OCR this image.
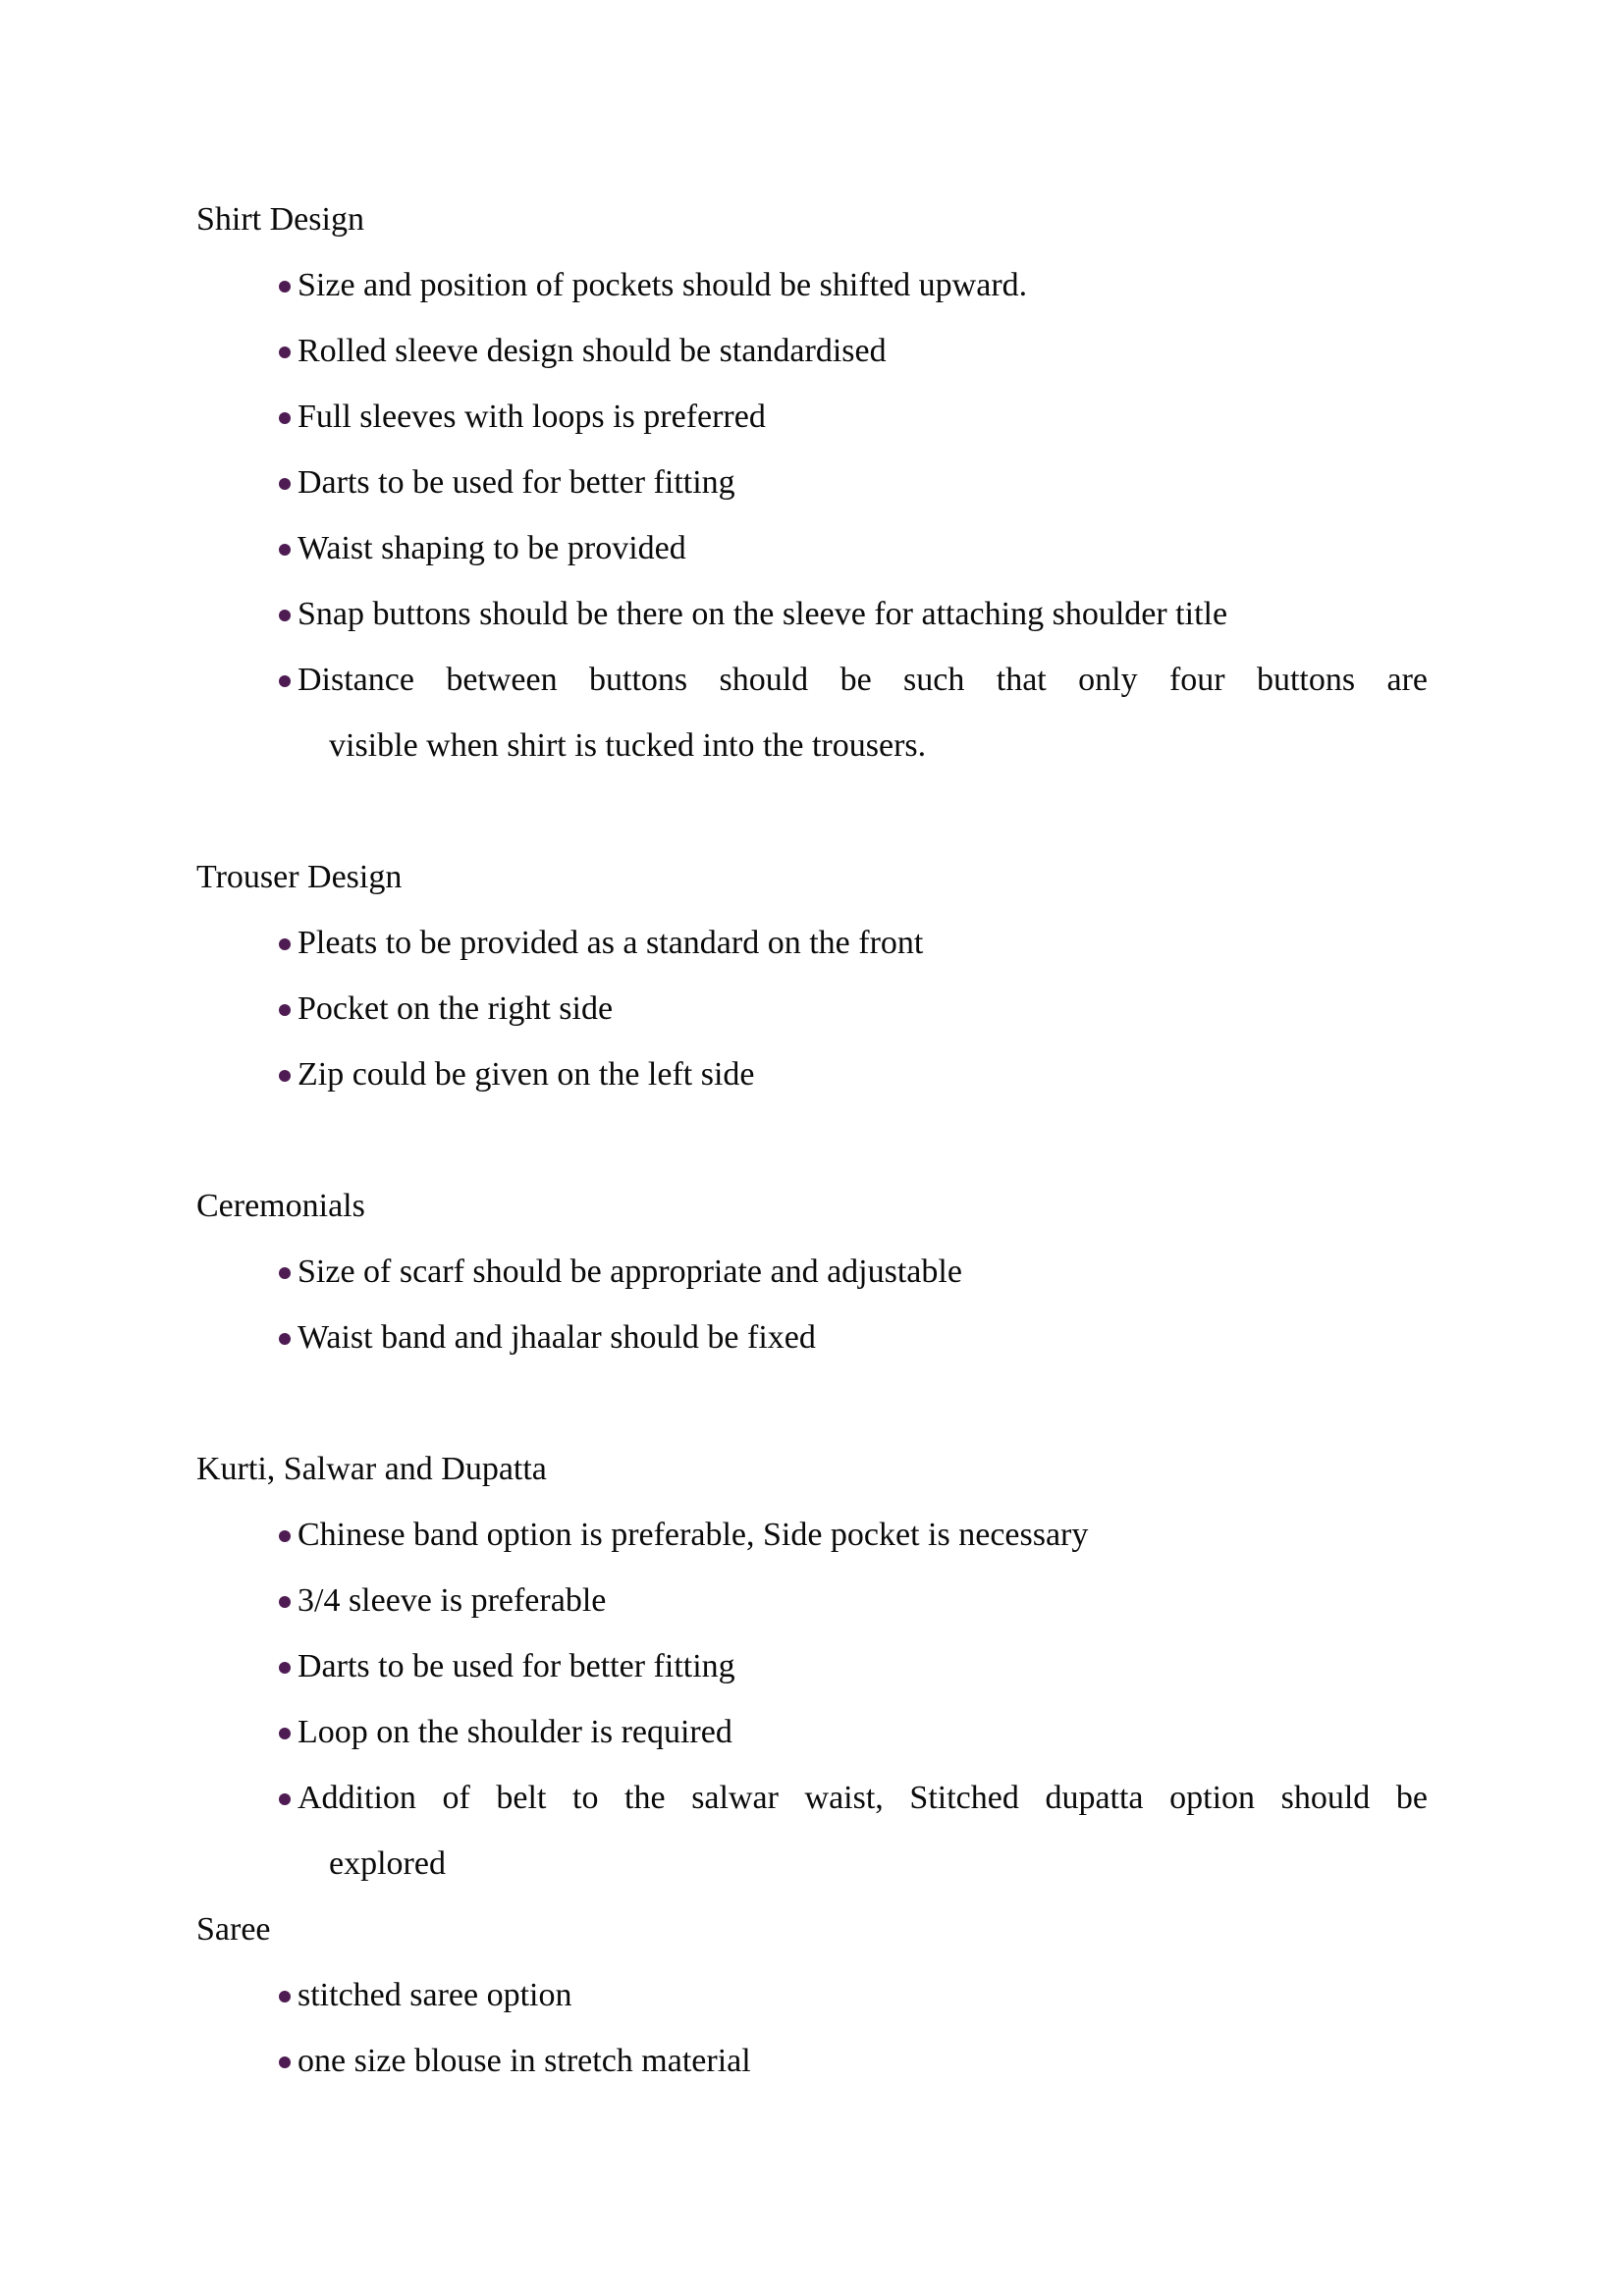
Shirt Design
Size and position of pockets should be shifted upward.
Rolled sleeve design should be standardised
Full sleeves with loops is preferred
Darts to be used for better fitting
Waist shaping to be provided
Snap buttons should be there on the sleeve for attaching shoulder title
Distance between buttons should be such that only four buttons are
visible when shirt is tucked into the trousers.
Trouser Design
Pleats to be provided as a standard on the front
Pocket on the right side
Zip could be given on the left side
Ceremonials
Size of scarf should be appropriate and adjustable
Waist band and jhaalar should be fixed
Kurti, Salwar and Dupatta
Chinese band option is preferable, Side pocket is necessary
3/4 sleeve is preferable
Darts to be used for better fitting
Loop on the shoulder is required
Addition of belt to the salwar waist, Stitched dupatta option should be
explored
Saree
stitched saree option
one size blouse in stretch material
